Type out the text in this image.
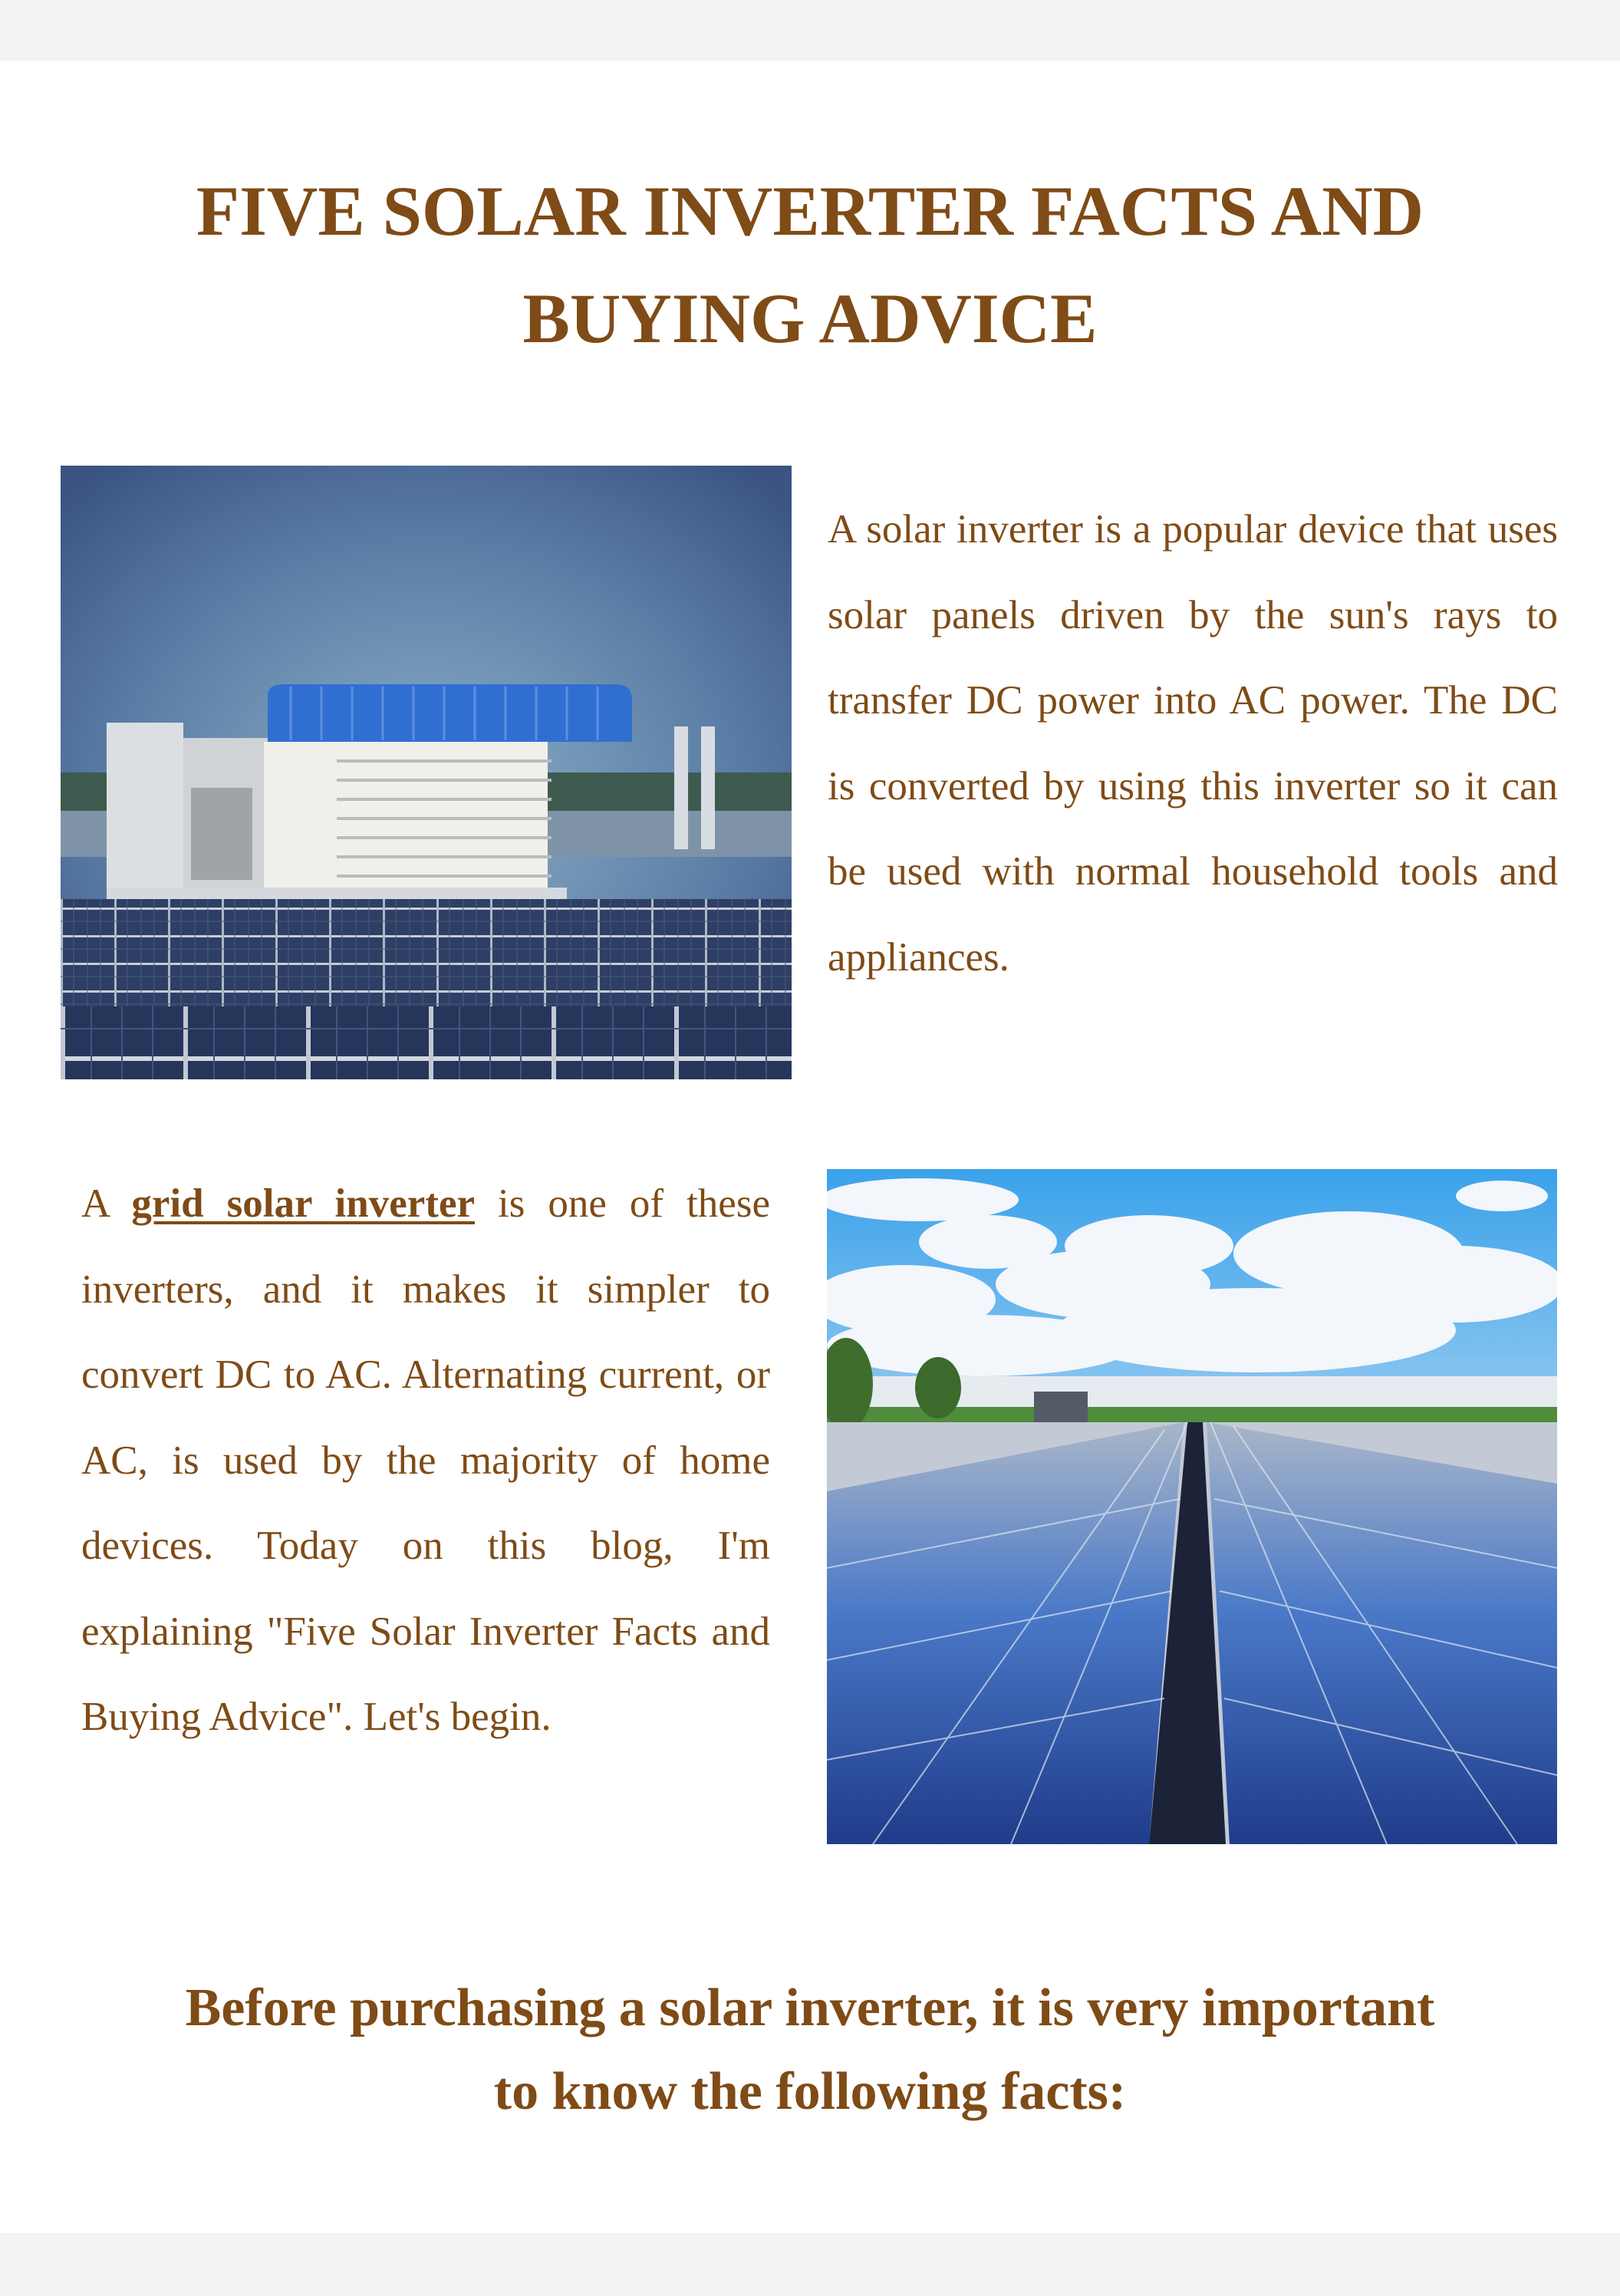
FIVE SOLAR INVERTER FACTS AND
BUYING ADVICE

A solar inverter is a popular device that uses solar panels driven by the sun's rays to transfer DC power into AC power. The DC is converted by using this inverter so it can be used with normal household tools and appliances.

A grid solar inverter is one of these inverters, and it makes it simpler to convert DC to AC. Alternating current, or AC, is used by the majority of home devices. Today on this blog, I'm explaining "Five Solar Inverter Facts and Buying Advice". Let's begin.

Before purchasing a solar inverter, it is very important
to know the following facts:
